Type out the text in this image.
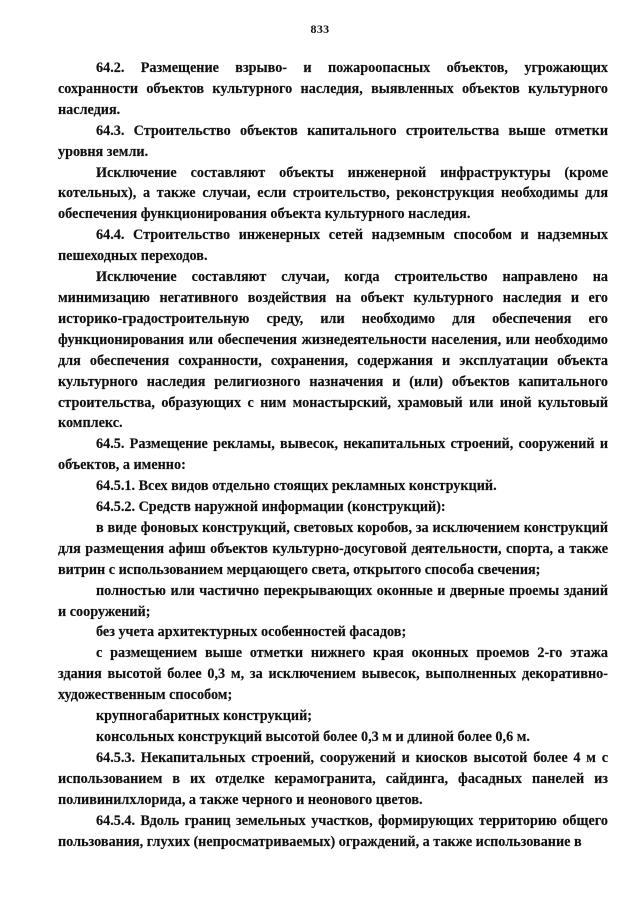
833

64.2. Размещение взрыво- и пожароопасных объектов, угрожающих сохранности объектов культурного наследия, выявленных объектов культурного наследия.

64.3. Строительство объектов капитального строительства выше отметки уровня земли.

Исключение составляют объекты инженерной инфраструктуры (кроме котельных), а также случаи, если строительство, реконструкция необходимы для обеспечения функционирования объекта культурного наследия.

64.4. Строительство инженерных сетей надземным способом и надземных пешеходных переходов.

Исключение составляют случаи, когда строительство направлено на минимизацию негативного воздействия на объект культурного наследия и его историко-градостроительную среду, или необходимо для обеспечения его функционирования или обеспечения жизнедеятельности населения, или необходимо для обеспечения сохранности, сохранения, содержания и эксплуатации объекта культурного наследия религиозного назначения и (или) объектов капитального строительства, образующих с ним монастырский, храмовый или иной культовый комплекс.

64.5. Размещение рекламы, вывесок, некапитальных строений, сооружений и объектов, а именно:

64.5.1. Всех видов отдельно стоящих рекламных конструкций.

64.5.2. Средств наружной информации (конструкций):

в виде фоновых конструкций, световых коробов, за исключением конструкций для размещения афиш объектов культурно-досуговой деятельности, спорта, а также витрин с использованием мерцающего света, открытого способа свечения;

полностью или частично перекрывающих оконные и дверные проемы зданий и сооружений;

без учета архитектурных особенностей фасадов;

с размещением выше отметки нижнего края оконных проемов 2-го этажа здания высотой более 0,3 м, за исключением вывесок, выполненных декоративно-художественным способом;

крупногабаритных конструкций;

консольных конструкций высотой более 0,3 м и длиной более 0,6 м.

64.5.3. Некапитальных строений, сооружений и киосков высотой более 4 м с использованием в их отделке керамогранита, сайдинга, фасадных панелей из поливинилхлорида, а также черного и неонового цветов.

64.5.4. Вдоль границ земельных участков, формирующих территорию общего пользования, глухих (непросматриваемых) ограждений, а также использование в
